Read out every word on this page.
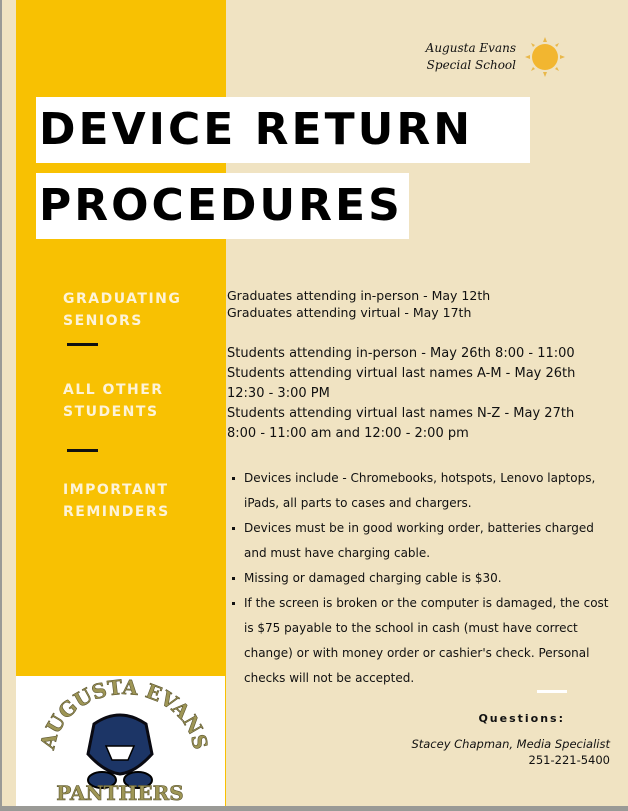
Augusta Evans
Special School
DEVICE RETURN
PROCEDURES
GRADUATING
SENIORS
ALL OTHER
STUDENTS
IMPORTANT
REMINDERS
Graduates attending in-person - May 12th
Graduates attending virtual - May 17th
Students attending in-person - May 26th 8:00 - 11:00
Students attending virtual last names A-M - May 26th
12:30 - 3:00 PM
Students attending virtual last names N-Z - May 27th
8:00 - 11:00 am and 12:00 - 2:00 pm
Devices include - Chromebooks, hotspots, Lenovo laptops, iPads, all parts to cases and chargers.
Devices must be in good working order, batteries charged and must have charging cable.
Missing or damaged charging cable is $30.
If the screen is broken or the computer is damaged, the cost is $75 payable to the school in cash (must have correct change) or with money order or cashier's check. Personal checks will not be accepted.
AUGUSTA EVANS
PANTHERS
Questions:
Stacey Chapman, Media Specialist
251-221-5400
